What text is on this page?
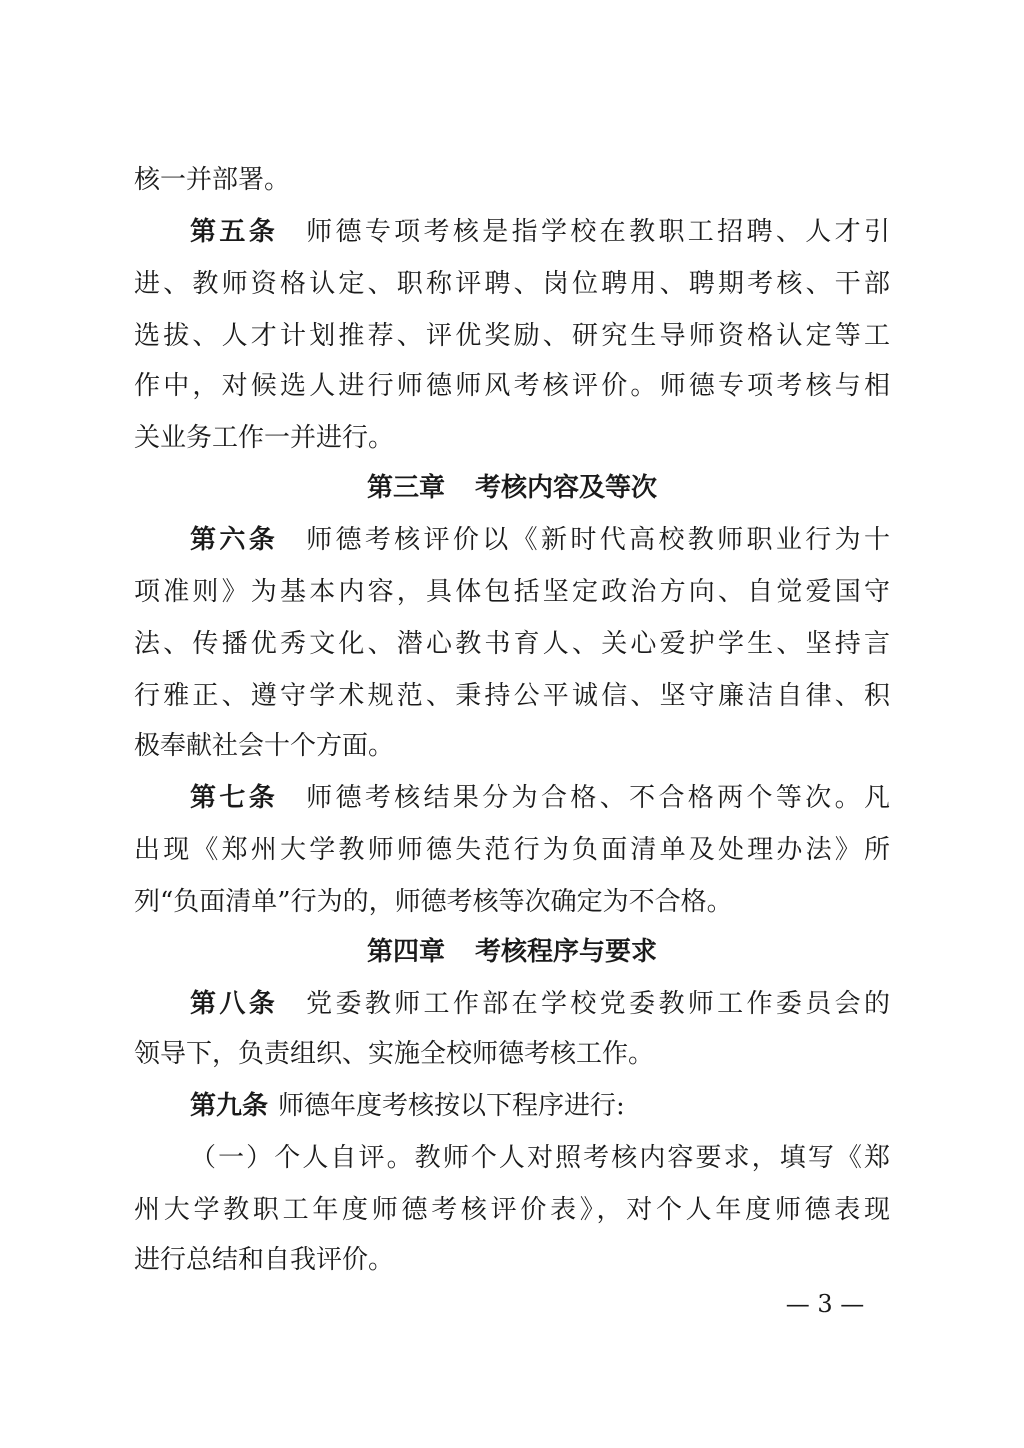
核一并部署。
第五条 师德专项考核是指学校在教职工招聘、人才引
进、教师资格认定、职称评聘、岗位聘用、聘期考核、干部
选拔、人才计划推荐、评优奖励、研究生导师资格认定等工
作中，对候选人进行师德师风考核评价。师德专项考核与相
关业务工作一并进行。
第三章 考核内容及等次
第六条 师德考核评价以《新时代高校教师职业行为十
项准则》为基本内容，具体包括坚定政治方向、自觉爱国守
法、传播优秀文化、潜心教书育人、关心爱护学生、坚持言
行雅正、遵守学术规范、秉持公平诚信、坚守廉洁自律、积
极奉献社会十个方面。
第七条 师德考核结果分为合格、不合格两个等次。凡
出现《郑州大学教师师德失范行为负面清单及处理办法》所
列“负面清单”行为的，师德考核等次确定为不合格。
第四章 考核程序与要求
第八条 党委教师工作部在学校党委教师工作委员会的
领导下，负责组织、实施全校师德考核工作。
第九条 师德年度考核按以下程序进行:
（一）个人自评。教师个人对照考核内容要求，填写《郑
州大学教职工年度师德考核评价表》，对个人年度师德表现
进行总结和自我评价。
— 3 —
